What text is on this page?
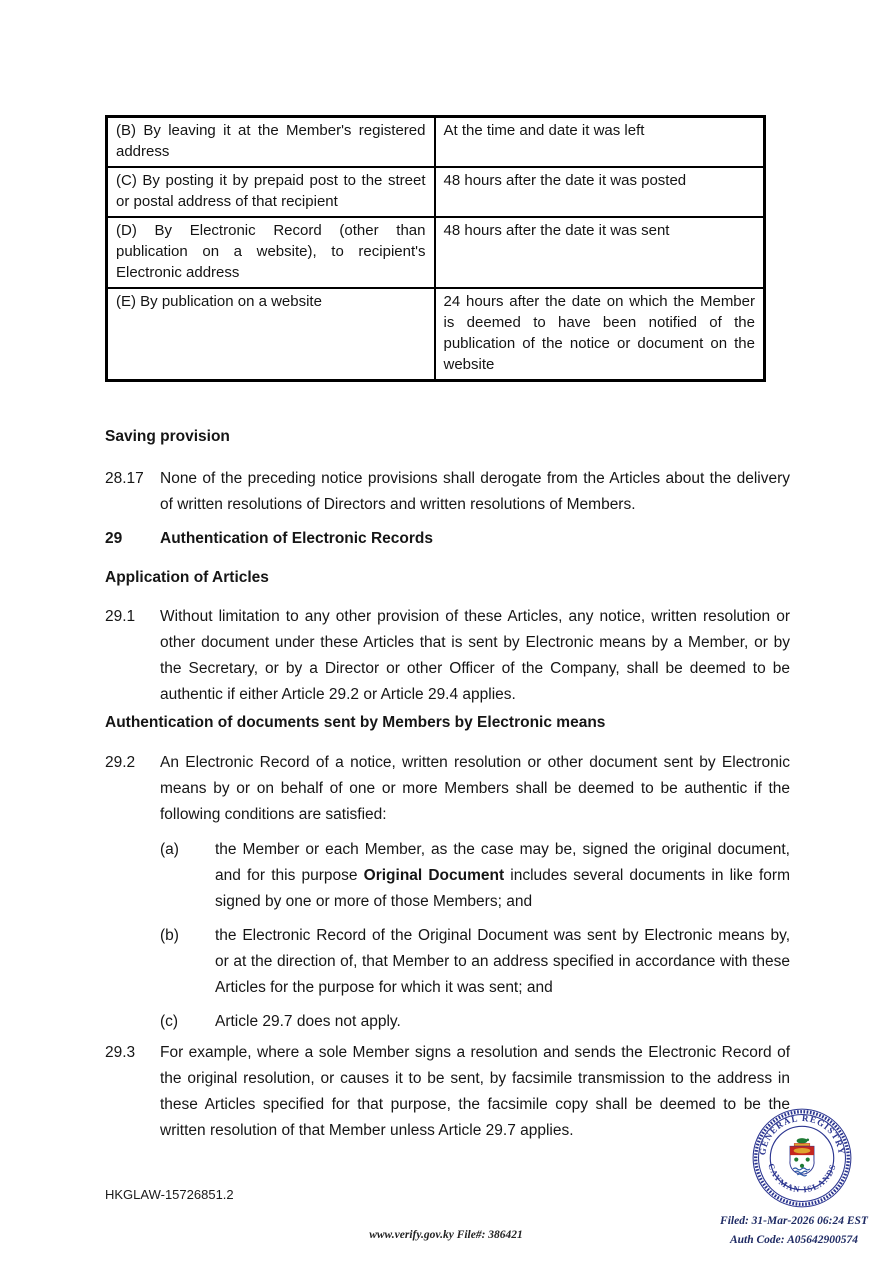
(B) By leaving it at the Member's registered address	At the time and date it was left
(C) By posting it by prepaid post to the street or postal address of that recipient	48 hours after the date it was posted
(D) By Electronic Record (other than publication on a website), to recipient's Electronic address	48 hours after the date it was sent
(E) By publication on a website	24 hours after the date on which the Member is deemed to have been notified of the publication of the notice or document on the website
Saving provision
28.17	None of the preceding notice provisions shall derogate from the Articles about the delivery of written resolutions of Directors and written resolutions of Members.
29	Authentication of Electronic Records
Application of Articles
29.1	Without limitation to any other provision of these Articles, any notice, written resolution or other document under these Articles that is sent by Electronic means by a Member, or by the Secretary, or by a Director or other Officer of the Company, shall be deemed to be authentic if either Article 29.2 or Article 29.4 applies.
Authentication of documents sent by Members by Electronic means
29.2	An Electronic Record of a notice, written resolution or other document sent by Electronic means by or on behalf of one or more Members shall be deemed to be authentic if the following conditions are satisfied:
(a)	the Member or each Member, as the case may be, signed the original document, and for this purpose Original Document includes several documents in like form signed by one or more of those Members; and
(b)	the Electronic Record of the Original Document was sent by Electronic means by, or at the direction of, that Member to an address specified in accordance with these Articles for the purpose for which it was sent; and
(c)	Article 29.7 does not apply.
29.3	For example, where a sole Member signs a resolution and sends the Electronic Record of the original resolution, or causes it to be sent, by facsimile transmission to the address in these Articles specified for that purpose, the facsimile copy shall be deemed to be the written resolution of that Member unless Article 29.7 applies.
HKGLAW-15726851.2
www.verify.gov.ky File#: 386421
Filed: 31-Mar-2026 06:24 EST
Auth Code: A05642900574
GENERAL REGISTRY
CAYMAN ISLANDS
